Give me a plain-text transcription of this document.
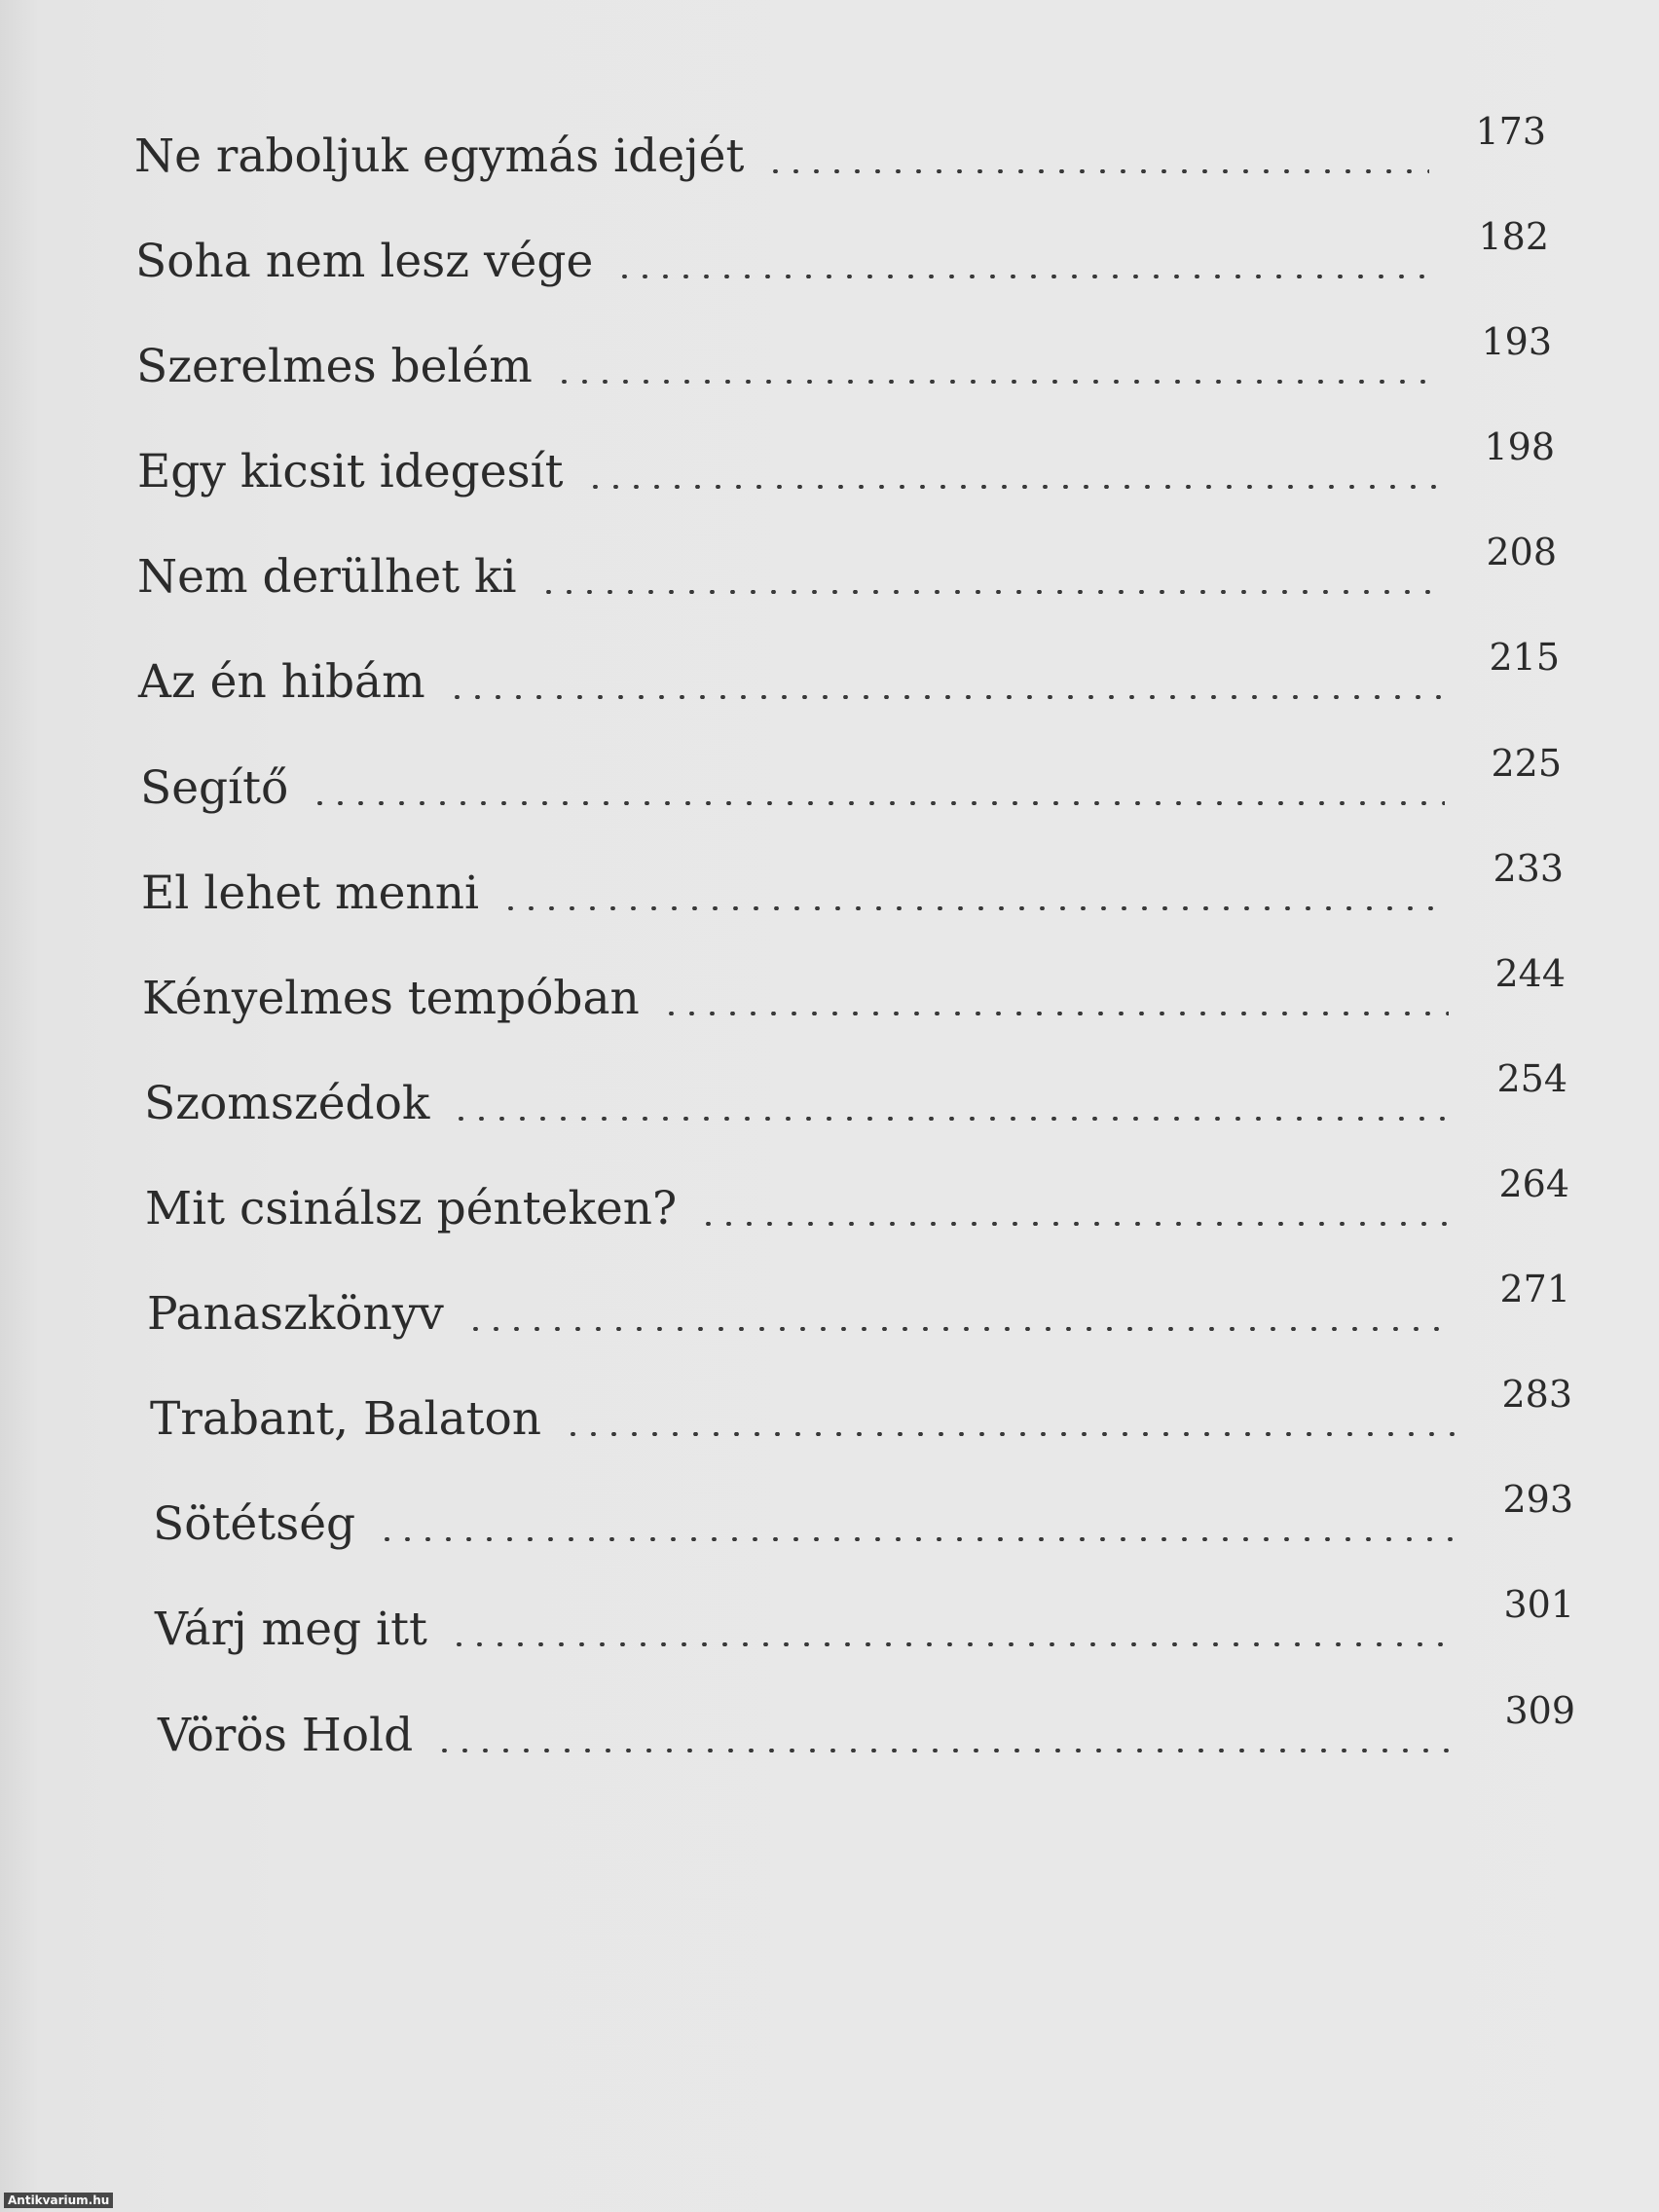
Ne raboljuk egymás idejét	173
Soha nem lesz vége	182
Szerelmes belém	193
Egy kicsit idegesít	198
Nem derülhet ki	208
Az én hibám	215
Segítő	225
El lehet menni	233
Kényelmes tempóban	244
Szomszédok	254
Mit csinálsz pénteken?	264
Panaszkönyv	271
Trabant, Balaton	283
Sötétség	293
Várj meg itt	301
Vörös Hold	309
Antikvarium.hu
